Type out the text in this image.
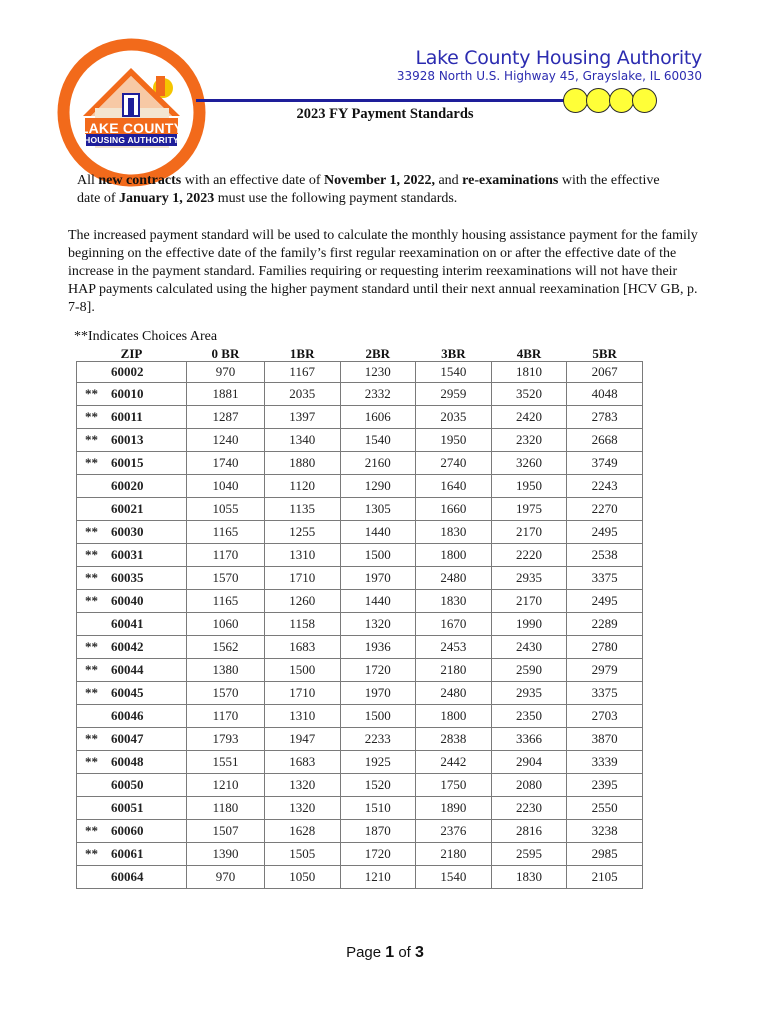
LAKE COUNTY
HOUSING AUTHORITY
Lake County Housing Authority
33928 North U.S. Highway 45, Grayslake, IL 60030
2023 FY Payment Standards
All new contracts with an effective date of November 1, 2022, and re-examinations with the effective date of January 1, 2023 must use the following payment standards.
The increased payment standard will be used to calculate the monthly housing assistance payment for the family beginning on the effective date of the family’s first regular reexamination on or after the effective date of the increase in the payment standard. Families requiring or requesting interim reexaminations will not have their HAP payments calculated using the higher payment standard until their next annual reexamination [HCV GB, p. 7-8].
**Indicates Choices Area
ZIP	0 BR	1BR	2BR	3BR	4BR	5BR
60002	970	1167	1230	1540	1810	2067
** 60010	1881	2035	2332	2959	3520	4048
** 60011	1287	1397	1606	2035	2420	2783
** 60013	1240	1340	1540	1950	2320	2668
** 60015	1740	1880	2160	2740	3260	3749
60020	1040	1120	1290	1640	1950	2243
60021	1055	1135	1305	1660	1975	2270
** 60030	1165	1255	1440	1830	2170	2495
** 60031	1170	1310	1500	1800	2220	2538
** 60035	1570	1710	1970	2480	2935	3375
** 60040	1165	1260	1440	1830	2170	2495
60041	1060	1158	1320	1670	1990	2289
** 60042	1562	1683	1936	2453	2430	2780
** 60044	1380	1500	1720	2180	2590	2979
** 60045	1570	1710	1970	2480	2935	3375
60046	1170	1310	1500	1800	2350	2703
** 60047	1793	1947	2233	2838	3366	3870
** 60048	1551	1683	1925	2442	2904	3339
60050	1210	1320	1520	1750	2080	2395
60051	1180	1320	1510	1890	2230	2550
** 60060	1507	1628	1870	2376	2816	3238
** 60061	1390	1505	1720	2180	2595	2985
60064	970	1050	1210	1540	1830	2105
Page 1 of 3
